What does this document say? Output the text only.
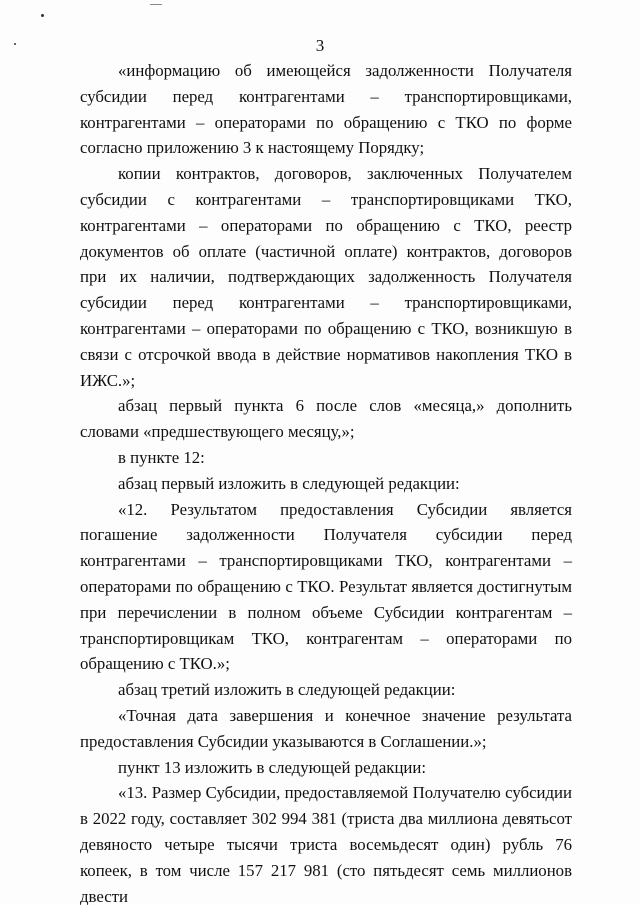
3

«информацию об имеющейся задолженности Получателя субсидии перед контрагентами – транспортировщиками, контрагентами – операторами по обращению с ТКО по форме согласно приложению 3 к настоящему Порядку;

копии контрактов, договоров, заключенных Получателем субсидии с контрагентами – транспортировщиками ТКО, контрагентами – операторами по обращению с ТКО, реестр документов об оплате (частичной оплате) контрактов, договоров при их наличии, подтверждающих задолженность Получателя субсидии перед контрагентами – транспортировщиками, контрагентами – операторами по обращению с ТКО, возникшую в связи с отсрочкой ввода в действие нормативов накопления ТКО в ИЖС.»;

абзац первый пункта 6 после слов «месяца,» дополнить словами «предшествующего месяцу,»;

в пункте 12:

абзац первый изложить в следующей редакции:

«12. Результатом предоставления Субсидии является погашение задолженности Получателя субсидии перед контрагентами – транспортировщиками ТКО, контрагентами – операторами по обращению с ТКО. Результат является достигнутым при перечислении в полном объеме Субсидии контрагентам – транспортировщикам ТКО, контрагентам – операторами по обращению с ТКО.»;

абзац третий изложить в следующей редакции:

«Точная дата завершения и конечное значение результата предоставления Субсидии указываются в Соглашении.»;

пункт 13 изложить в следующей редакции:

«13. Размер Субсидии, предоставляемой Получателю субсидии в 2022 году, составляет 302 994 381 (триста два миллиона девятьсот девяносто четыре тысячи триста восемьдесят один) рубль 76 копеек, в том числе 157 217 981 (сто пятьдесят семь миллионов двести
